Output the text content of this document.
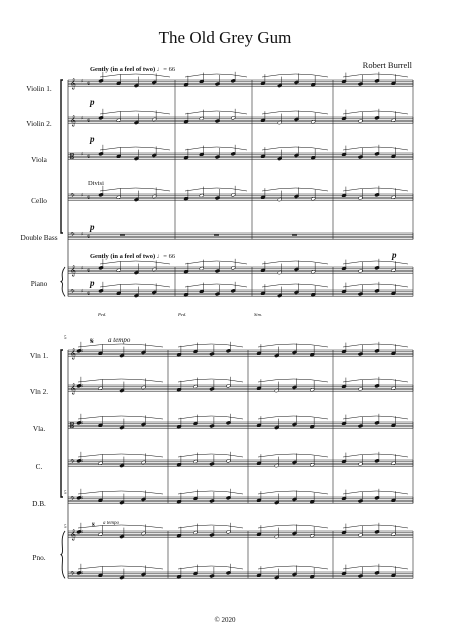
The Old Grey Gum
Robert Burrell
Violin 1.
Violin 2.
Viola
Cello
Double Bass
Piano
Gently (in a feel of two) ♩= 66
Gently (in a feel of two) ♩= 66
Divisi
p
p
p
p
p
Ped.	Ped.	Sim.
Vln 1.
Vln 2.
Vla.
C.
D.B.
Pno.
5
5
5
a tempo
a tempo
© 2020
𝄞 ♯ 𝄴
𝄞 ♯ 𝄴
𝄡 ♯ 𝄴
𝄢 ♯ 𝄴
𝄢 ♯ 𝄴
𝄞 ♯ 𝄴
𝄢 ♯ 𝄴
𝄞 ♯
𝄞 ♯
𝄡 ♯
𝄢 ♯
𝄢 ♯
𝄞 ♯
𝄢 ♯
𝄋
𝄋
